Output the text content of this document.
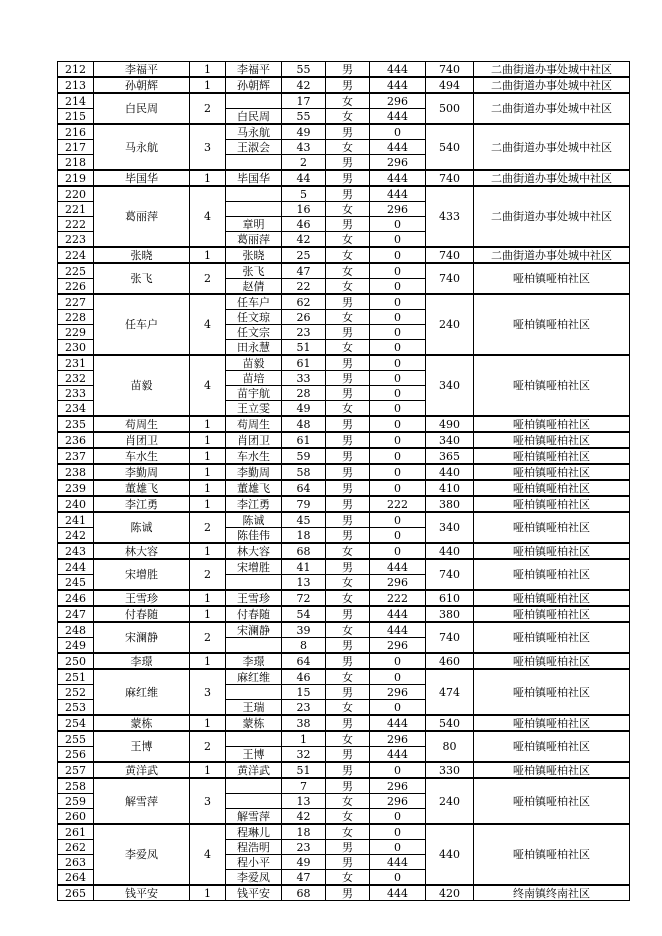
212	李福平	1	李福平	55	男	444	740	二曲街道办事处城中社区
213	孙朝辉	1	孙朝辉	42	男	444	494	二曲街道办事处城中社区
214	白民周	2		17	女	296	500	二曲街道办事处城中社区
215			白民周	55	女	444		
216	马永航	3	马永航	49	男	0	540	二曲街道办事处城中社区
217			王淑会	43	女	444		
218				2	男	296		
219	毕国华	1	毕国华	44	男	444	740	二曲街道办事处城中社区
220	葛丽萍	4		5	男	444	433	二曲街道办事处城中社区
221				16	女	296		
222			章明	46	男	0		
223			葛丽萍	42	女	0		
224	张晓	1	张晓	25	女	0	740	二曲街道办事处城中社区
225	张飞	2	张飞	47	女	0	740	哑柏镇哑柏社区
226			赵倩	22	女	0		
227	任车户	4	任车户	62	男	0	240	哑柏镇哑柏社区
228			任文琼	26	女	0		
229			任文宗	23	男	0		
230			田永慧	51	女	0		
231	苗毅	4	苗毅	61	男	0	340	哑柏镇哑柏社区
232			苗培	33	男	0		
233			苗宇航	28	男	0		
234			王立雯	49	女	0		
235	苟周生	1	苟周生	48	男	0	490	哑柏镇哑柏社区
236	肖团卫	1	肖团卫	61	男	0	340	哑柏镇哑柏社区
237	车水生	1	车水生	59	男	0	365	哑柏镇哑柏社区
238	李勤周	1	李勤周	58	男	0	440	哑柏镇哑柏社区
239	董雄飞	1	董雄飞	64	男	0	410	哑柏镇哑柏社区
240	李江勇	1	李江勇	79	男	222	380	哑柏镇哑柏社区
241	陈诚	2	陈诚	45	男	0	340	哑柏镇哑柏社区
242			陈佳伟	18	男	0		
243	林大容	1	林大容	68	女	0	440	哑柏镇哑柏社区
244	宋增胜	2	宋增胜	41	男	444	740	哑柏镇哑柏社区
245				13	女	296		
246	王雪珍	1	王雪珍	72	女	222	610	哑柏镇哑柏社区
247	付春随	1	付春随	54	男	444	380	哑柏镇哑柏社区
248	宋澜静	2	宋澜静	39	女	444	740	哑柏镇哑柏社区
249				8	男	296		
250	李璟	1	李璟	64	男	0	460	哑柏镇哑柏社区
251	麻红维	3	麻红维	46	女	0	474	哑柏镇哑柏社区
252				15	男	296		
253			王瑞	23	女	0		
254	蒙栋	1	蒙栋	38	男	444	540	哑柏镇哑柏社区
255	王博	2		1	女	296	80	哑柏镇哑柏社区
256			王博	32	男	444		
257	黄洋武	1	黄洋武	51	男	0	330	哑柏镇哑柏社区
258	解雪萍	3		7	男	296	240	哑柏镇哑柏社区
259				13	女	296		
260			解雪萍	42	女	0		
261	李爱凤	4	程琳儿	18	女	0	440	哑柏镇哑柏社区
262			程浩明	23	男	0		
263			程小平	49	男	444		
264			李爱凤	47	女	0		
265	钱平安	1	钱平安	68	男	444	420	终南镇终南社区
